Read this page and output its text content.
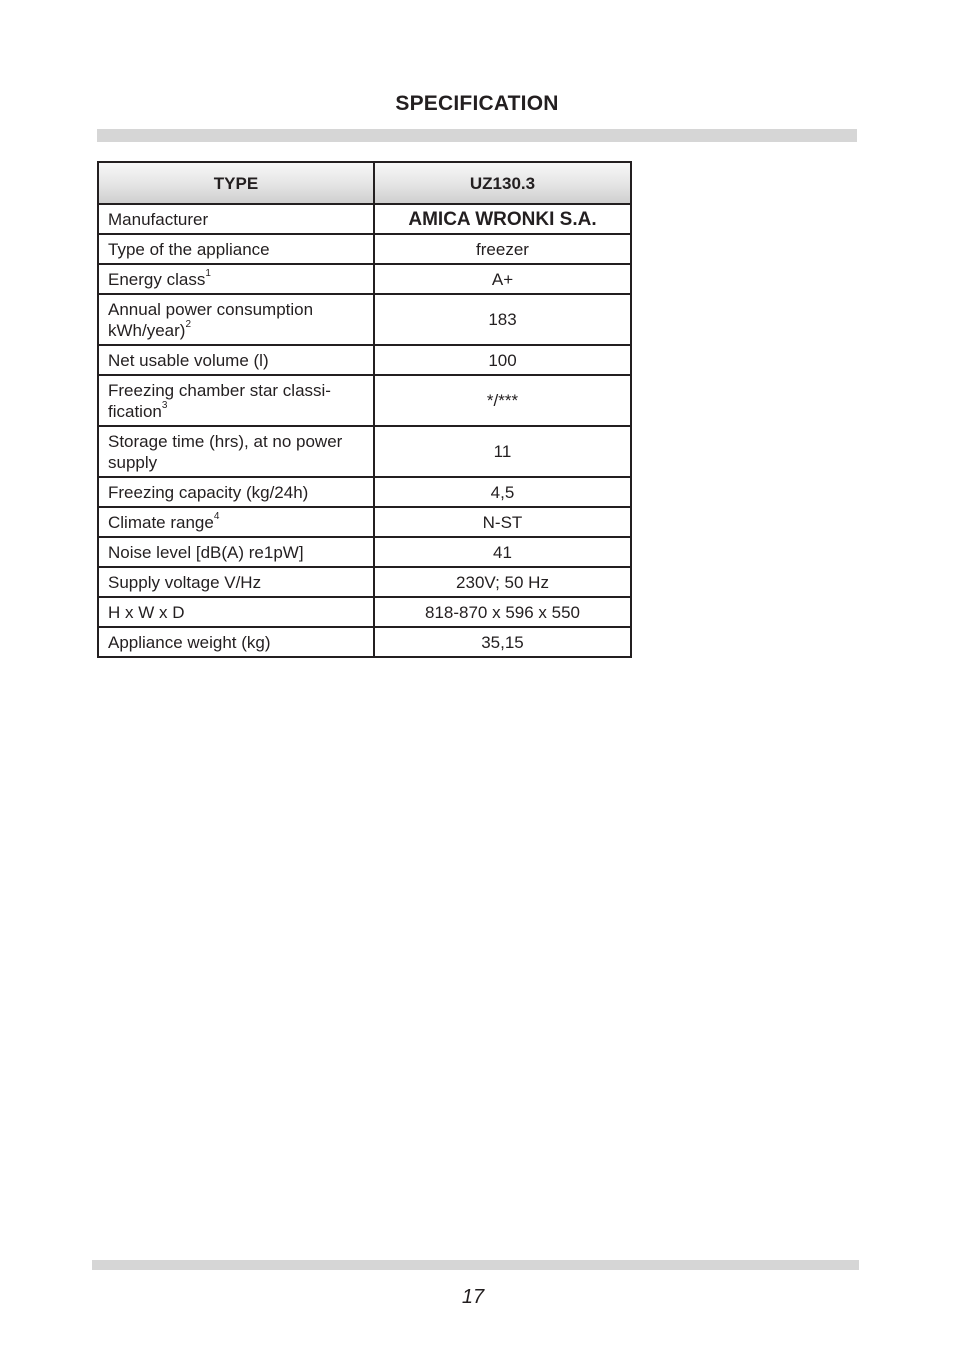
SPECIFICATION
TYPE	UZ130.3
Manufacturer	AMICA WRONKI S.A.
Type of the appliance	freezer
Energy class$^1$	A+
Annual power consumption kWh/year)$^2$	183
Net usable volume (l)	100
Freezing chamber star classi-fication$^3$	*/***
Storage time (hrs), at no power supply	11
Freezing capacity (kg/24h)	4,5
Climate range$^4$	N-ST
Noise level [dB(A) re1pW]	41
Supply voltage V/Hz	230V; 50 Hz
H x W x D	818-870 x 596 x 550
Appliance weight (kg)	35,15
17
